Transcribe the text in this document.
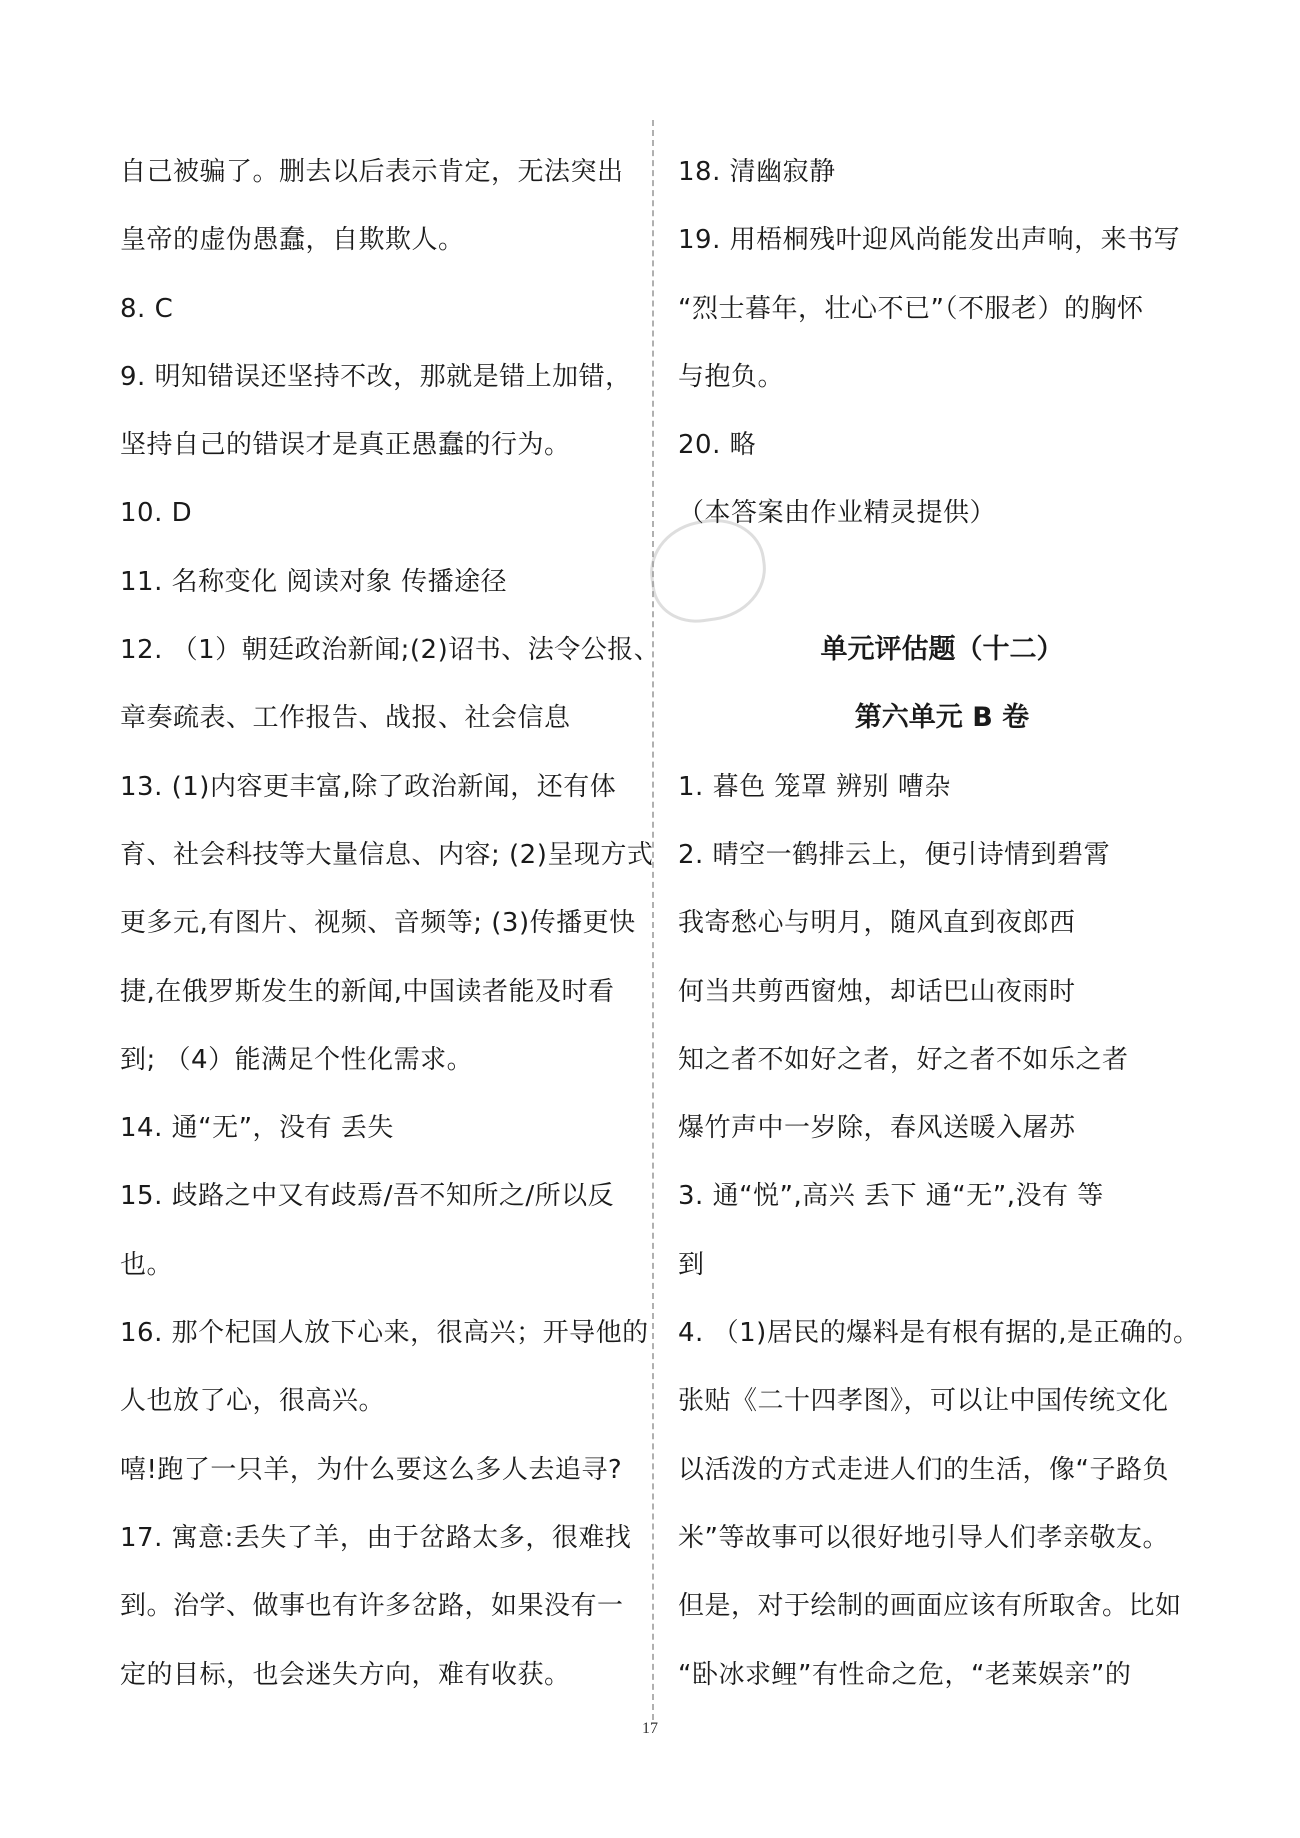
自己被骗了。删去以后表示肯定，无法突出
皇帝的虚伪愚蠢，自欺欺人。
8. C
9. 明知错误还坚持不改，那就是错上加错，
坚持自己的错误才是真正愚蠢的行为。
10. D
11. 名称变化 阅读对象 传播途径
12. （1）朝廷政治新闻;(2)诏书、法令公报、
章奏疏表、工作报告、战报、社会信息
13. (1)内容更丰富,除了政治新闻，还有体
育、社会科技等大量信息、内容; (2)呈现方式
更多元,有图片、视频、音频等; (3)传播更快
捷,在俄罗斯发生的新闻,中国读者能及时看
到; （4）能满足个性化需求。
14. 通“无”，没有 丢失
15. 歧路之中又有歧焉/吾不知所之/所以反
也。
16. 那个杞国人放下心来，很高兴；开导他的
人也放了心，很高兴。
嘻!跑了一只羊，为什么要这么多人去追寻?
17. 寓意:丢失了羊，由于岔路太多，很难找
到。治学、做事也有许多岔路，如果没有一
定的目标，也会迷失方向，难有收获。
18. 清幽寂静
19. 用梧桐残叶迎风尚能发出声响，来书写
“烈士暮年，壮心不已”（不服老）的胸怀
与抱负。
20. 略
（本答案由作业精灵提供）
单元评估题（十二）
第六单元 B 卷
1. 暮色 笼罩 辨别 嘈杂
2. 晴空一鹤排云上，便引诗情到碧霄
我寄愁心与明月，随风直到夜郎西
何当共剪西窗烛，却话巴山夜雨时
知之者不如好之者，好之者不如乐之者
爆竹声中一岁除，春风送暖入屠苏
3. 通“悦”,高兴 丢下 通“无”,没有 等
到
4. （1)居民的爆料是有根有据的,是正确的。
张贴《二十四孝图》，可以让中国传统文化
以活泼的方式走进人们的生活，像“子路负
米”等故事可以很好地引导人们孝亲敬友。
但是，对于绘制的画面应该有所取舍。比如
“卧冰求鲤”有性命之危，“老莱娱亲”的
17
